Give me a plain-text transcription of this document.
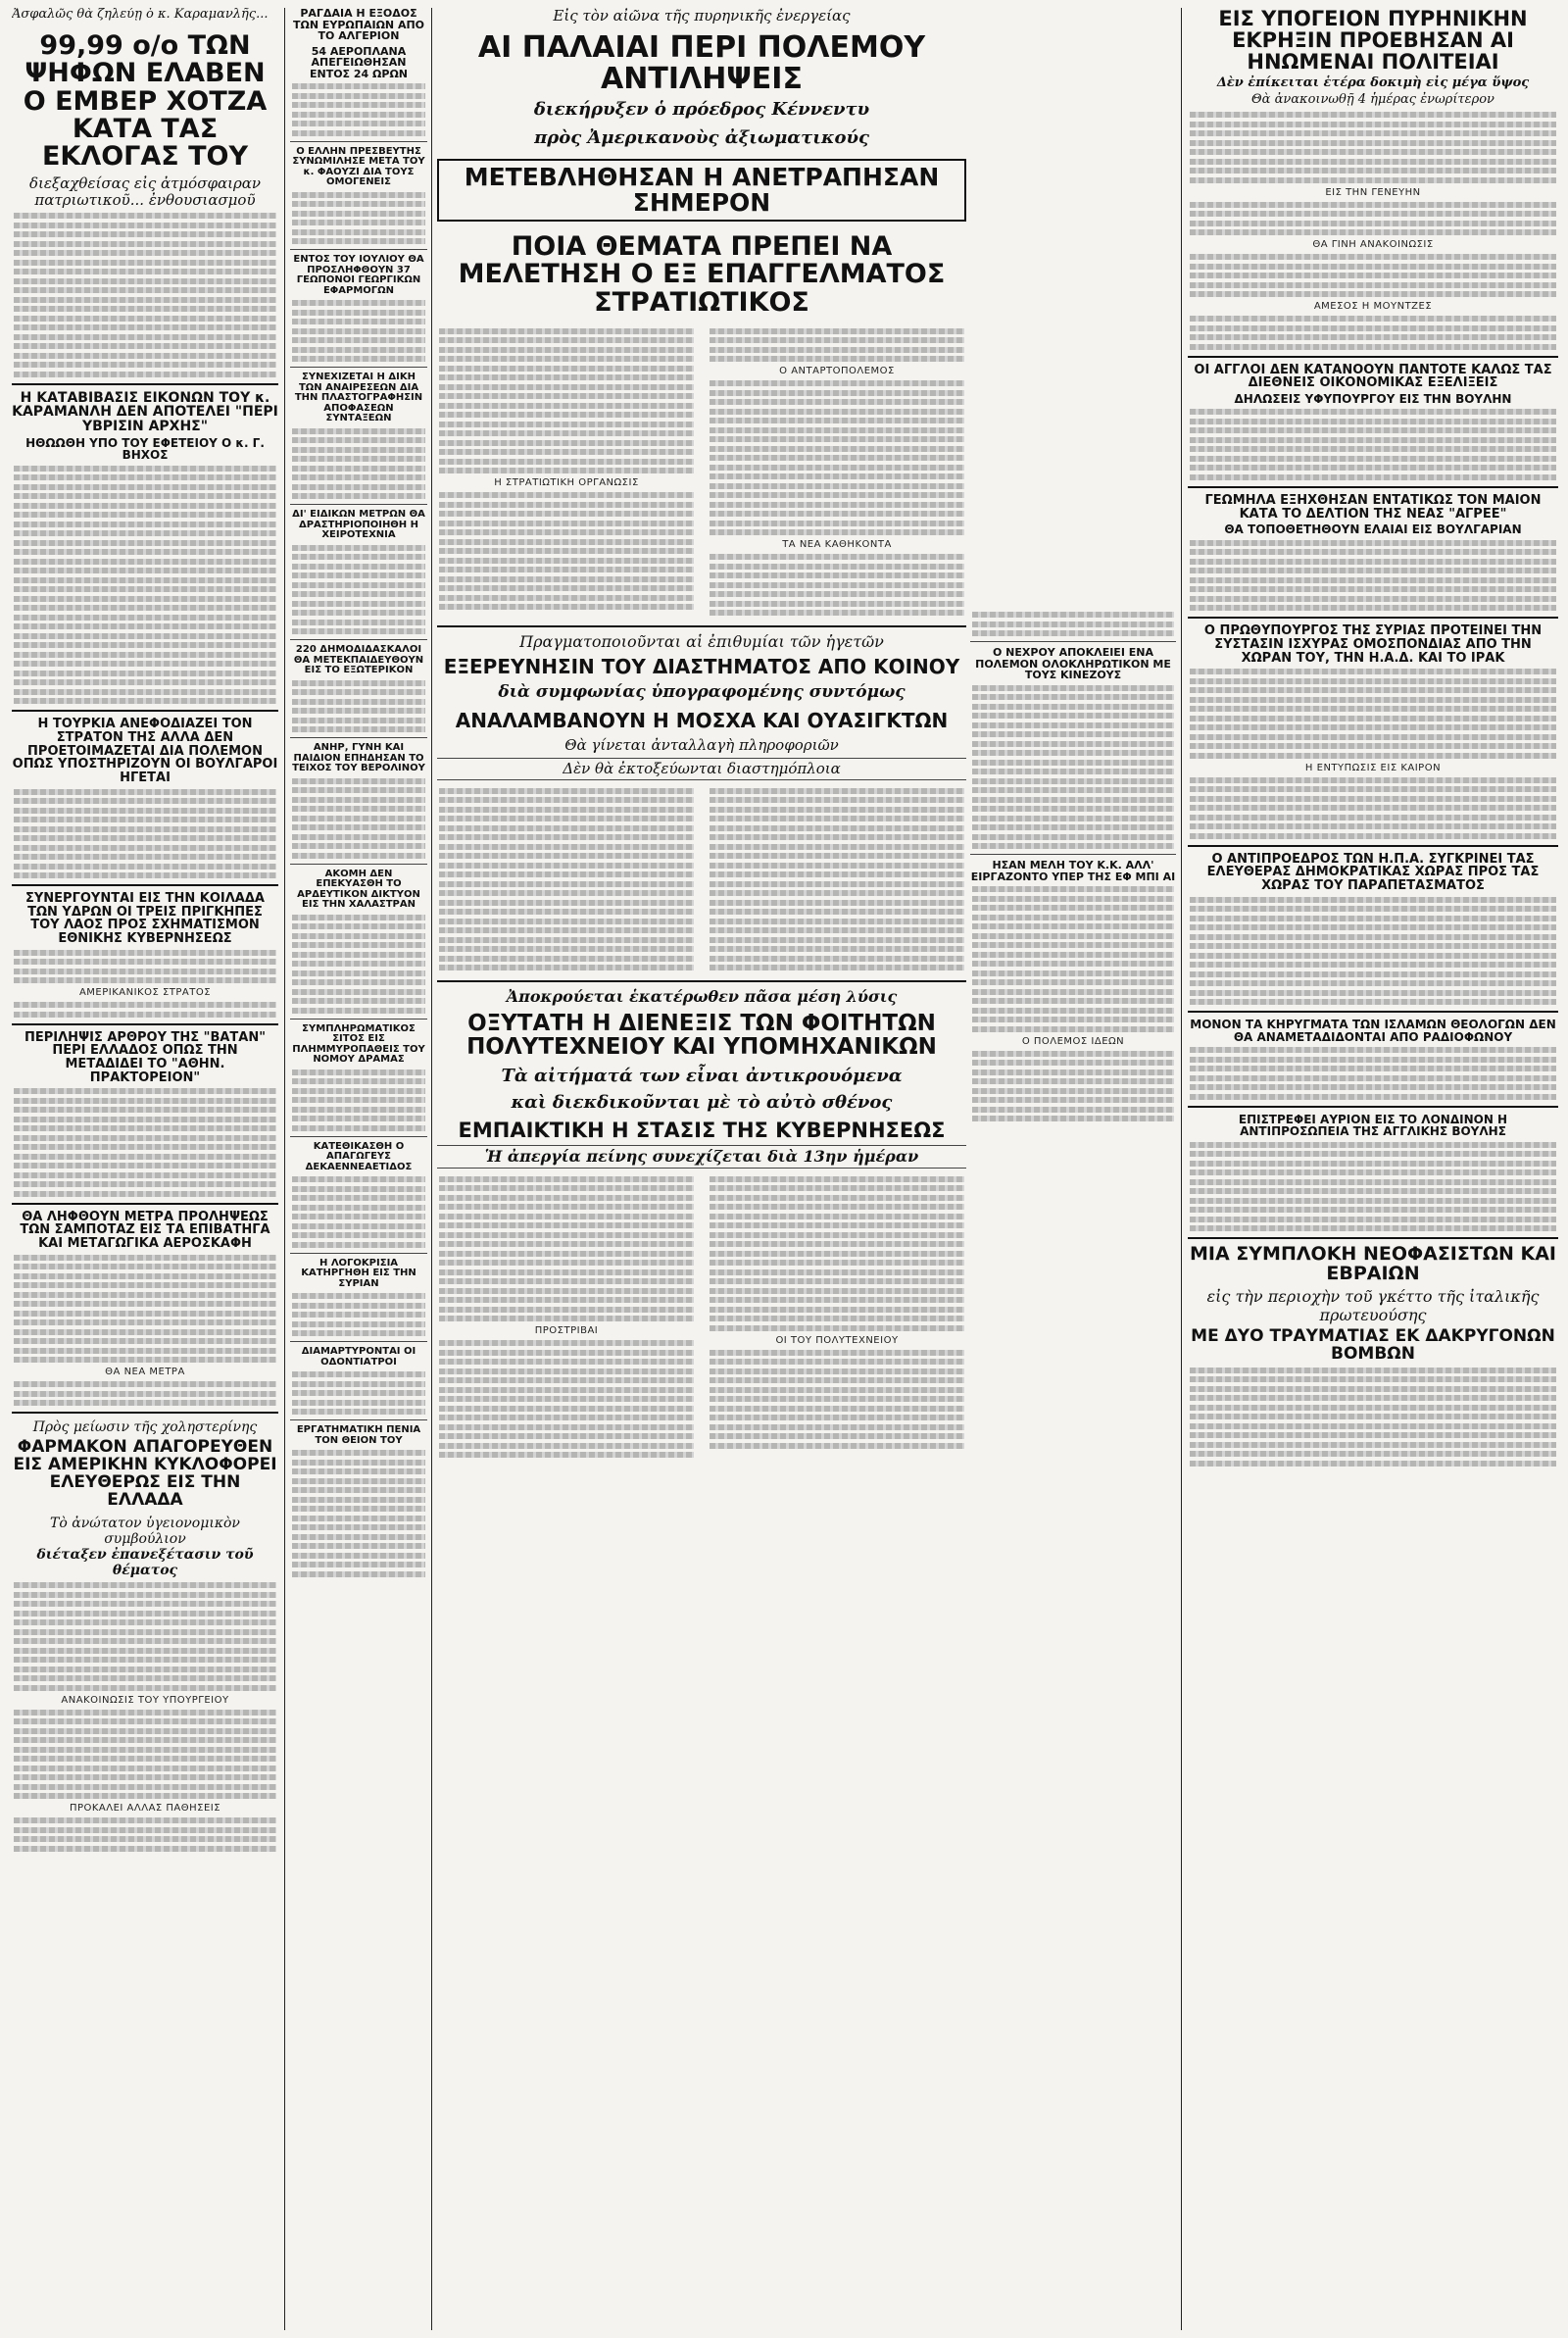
Ἀσφαλῶς θὰ ζηλεύῃ ὁ κ. Καραμανλῆς...
99,99 ο/ο ΤΩΝ ΨΗΦΩΝ ΕΛΑΒΕΝ Ο ΕΜΒΕΡ ΧΟΤΖΑ ΚΑΤΑ ΤΑΣ ΕΚΛΟΓΑΣ ΤΟΥ
διεξαχθείσας εἰς ἀτμόσφαιραν πατριωτικοῦ... ἐνθουσιασμοῦ
Η ΚΑΤΑΒΙΒΑΣΙΣ ΕΙΚΟΝΩΝ ΤΟΥ κ. ΚΑΡΑΜΑΝΛΗ ΔΕΝ ΑΠΟΤΕΛΕΙ "ΠΕΡΙ ΥΒΡΙΣΙΝ ΑΡΧΗΣ"
ΗΘΩΩΘΗ ΥΠΟ ΤΟΥ ΕΦΕΤΕΙΟΥ Ο κ. Γ. ΒΗΧΟΣ
Η ΤΟΥΡΚΙΑ ΑΝΕΦΟΔΙΑΖΕΙ ΤΟΝ ΣΤΡΑΤΟΝ ΤΗΣ ΑΛΛΑ ΔΕΝ ΠΡΟΕΤΟΙΜΑΖΕΤΑΙ ΔΙΑ ΠΟΛΕΜΟΝ ΟΠΩΣ ΥΠΟΣΤΗΡΙΖΟΥΝ ΟΙ ΒΟΥΛΓΑΡΟΙ ΗΓΕΤΑΙ
ΣΥΝΕΡΓΟΥΝΤΑΙ ΕΙΣ ΤΗΝ ΚΟΙΛΑΔΑ ΤΩΝ ΥΔΡΩΝ ΟΙ ΤΡΕΙΣ ΠΡΙΓΚΗΠΕΣ ΤΟΥ ΛΑΟΣ ΠΡΟΣ ΣΧΗΜΑΤΙΣΜΟΝ ΕΘΝΙΚΗΣ ΚΥΒΕΡΝΗΣΕΩΣ
ΑΜΕΡΙΚΑΝΙΚΟΣ ΣΤΡΑΤΟΣ
ΠΕΡΙΛΗΨΙΣ ΑΡΘΡΟΥ ΤΗΣ "ΒΑΤΑΝ" ΠΕΡΙ ΕΛΛΑΔΟΣ ΟΠΩΣ ΤΗΝ ΜΕΤΑΔΙΔΕΙ ΤΟ "ΑΘΗΝ. ΠΡΑΚΤΟΡΕΙΟΝ"
ΘΑ ΛΗΦΘΟΥΝ ΜΕΤΡΑ ΠΡΟΛΗΨΕΩΣ ΤΩΝ ΣΑΜΠΟΤΑΖ ΕΙΣ ΤΑ ΕΠΙΒΑΤΗΓΑ ΚΑΙ ΜΕΤΑΓΩΓΙΚΑ ΑΕΡΟΣΚΑΦΗ
ΘΑ ΝΕΑ ΜΕΤΡΑ
Πρὸς μείωσιν τῆς χοληστερίνης
ΦΑΡΜΑΚΟΝ ΑΠΑΓΟΡΕΥΘΕΝ ΕΙΣ ΑΜΕΡΙΚΗΝ ΚΥΚΛΟΦΟΡΕΙ ΕΛΕΥΘΕΡΩΣ ΕΙΣ ΤΗΝ ΕΛΛΑΔΑ
Τὸ ἀνώτατον ὑγειονομικὸν συμβούλιον
διέταξεν ἐπανεξέτασιν τοῦ θέματος
ΑΝΑΚΟΙΝΩΣΙΣ ΤΟΥ ΥΠΟΥΡΓΕΙΟΥ
ΠΡΟΚΑΛΕΙ ΑΛΛΑΣ ΠΑΘΗΣΕΙΣ
ΡΑΓΔΑΙΑ Η ΕΞΟΔΟΣ ΤΩΝ ΕΥΡΩΠΑΙΩΝ ΑΠΟ ΤΟ ΑΛΓΕΡΙΟΝ
54 ΑΕΡΟΠΛΑΝΑ ΑΠΕΓΕΙΩΘΗΣΑΝ ΕΝΤΟΣ 24 ΩΡΩΝ
Ο ΕΛΛΗΝ ΠΡΕΣΒΕΥΤΗΣ ΣΥΝΩΜΙΛΗΣΕ ΜΕΤΑ ΤΟΥ κ. ΦΑΟΥΖΙ ΔΙΑ ΤΟΥΣ ΟΜΟΓΕΝΕΙΣ
ΕΝΤΟΣ ΤΟΥ ΙΟΥΛΙΟΥ ΘΑ ΠΡΟΣΛΗΦΘΟΥΝ 37 ΓΕΩΠΟΝΟΙ ΓΕΩΡΓΙΚΩΝ ΕΦΑΡΜΟΓΩΝ
ΣΥΝΕΧΙΖΕΤΑΙ Η ΔΙΚΗ ΤΩΝ ΑΝΑΙΡΕΣΕΩΝ ΔΙΑ ΤΗΝ ΠΛΑΣΤΟΓΡΑΦΗΣΙΝ ΑΠΟΦΑΣΕΩΝ ΣΥΝΤΑΞΕΩΝ
ΔΙ' ΕΙΔΙΚΩΝ ΜΕΤΡΩΝ ΘΑ ΔΡΑΣΤΗΡΙΟΠΟΙΗΘΗ Η ΧΕΙΡΟΤΕΧΝΙΑ
220 ΔΗΜΟΔΙΔΑΣΚΑΛΟΙ ΘΑ ΜΕΤΕΚΠΑΙΔΕΥΘΟΥΝ ΕΙΣ ΤΟ ΕΞΩΤΕΡΙΚΟΝ
ΑΝΗΡ, ΓΥΝΗ ΚΑΙ ΠΑΙΔΙΟΝ ΕΠΗΔΗΣΑΝ ΤΟ ΤΕΙΧΟΣ ΤΟΥ ΒΕΡΟΛΙΝΟΥ
ΑΚΟΜΗ ΔΕΝ ΕΠΕΚΥΑΣΘΗ ΤΟ ΑΡΔΕΥΤΙΚΟΝ ΔΙΚΤΥΟΝ ΕΙΣ ΤΗΝ ΧΑΛΑΣΤΡΑΝ
ΣΥΜΠΛΗΡΩΜΑΤΙΚΟΣ ΣΙΤΟΣ ΕΙΣ ΠΛΗΜΜΥΡΟΠΑΘΕΙΣ ΤΟΥ ΝΟΜΟΥ ΔΡΑΜΑΣ
ΚΑΤΕΘΙΚΑΣΘΗ Ο ΑΠΑΓΩΓΕΥΣ ΔΕΚΑΕΝΝΕΑΕΤΙΔΟΣ
Η ΛΟΓΟΚΡΙΣΙΑ ΚΑΤΗΡΓΗΘΗ ΕΙΣ ΤΗΝ ΣΥΡΙΑΝ
ΔΙΑΜΑΡΤΥΡΟΝΤΑΙ ΟΙ ΟΔΟΝΤΙΑΤΡΟΙ
ΕΡΓΑΤΗΜΑΤΙΚΗ ΠΕΝΙΑ ΤΟΝ ΘΕΙΟΝ ΤΟΥ
Εἰς τὸν αἰῶνα τῆς πυρηνικῆς ἐνεργείας
ΑΙ ΠΑΛΑΙΑΙ ΠΕΡΙ ΠΟΛΕΜΟΥ ΑΝΤΙΛΗΨΕΙΣ
διεκήρυξεν ὁ πρόεδρος Κέννεντυ
πρὸς Ἀμερικανοὺς ἀξιωματικούς
ΜΕΤΕΒΛΗΘΗΣΑΝ Η ΑΝΕΤΡΑΠΗΣΑΝ ΣΗΜΕΡΟΝ
ΠΟΙΑ ΘΕΜΑΤΑ ΠΡΕΠΕΙ ΝΑ ΜΕΛΕΤΗΣΗ Ο ΕΞ ΕΠΑΓΓΕΛΜΑΤΟΣ ΣΤΡΑΤΙΩΤΙΚΟΣ
Η ΣΤΡΑΤΙΩΤΙΚΗ ΟΡΓΑΝΩΣΙΣ
Ο ΑΝΤΑΡΤΟΠΟΛΕΜΟΣ
ΤΑ ΝΕΑ ΚΑΘΗΚΟΝΤΑ
Πραγματοποιοῦνται αἱ ἐπιθυμίαι τῶν ἡγετῶν
ΕΞΕΡΕΥΝΗΣΙΝ ΤΟΥ ΔΙΑΣΤΗΜΑΤΟΣ ΑΠΟ ΚΟΙΝΟΥ
διὰ συμφωνίας ὑπογραφομένης συντόμως
ΑΝΑΛΑΜΒΑΝΟΥΝ Η ΜΟΣΧΑ ΚΑΙ ΟΥΑΣΙΓΚΤΩΝ
Θὰ γίνεται ἀνταλλαγὴ πληροφοριῶν
Δὲν θὰ ἐκτοξεύωνται διαστημόπλοια
Ἀποκρούεται ἑκατέρωθεν πᾶσα μέση λύσις
ΟΞΥΤΑΤΗ Η ΔΙΕΝΕΞΙΣ ΤΩΝ ΦΟΙΤΗΤΩΝ ΠΟΛΥΤΕΧΝΕΙΟΥ ΚΑΙ ΥΠΟΜΗΧΑΝΙΚΩΝ
Τὰ αἰτήματά των εἶναι ἀντικρουόμενα
καὶ διεκδικοῦνται μὲ τὸ αὐτὸ σθένος
ΕΜΠΑΙΚΤΙΚΗ Η ΣΤΑΣΙΣ ΤΗΣ ΚΥΒΕΡΝΗΣΕΩΣ
Ἡ ἀπεργία πείνης συνεχίζεται διὰ 13ην ἡμέραν
ΠΡΟΣΤΡΙΒΑΙ
ΟΙ ΤΟΥ ΠΟΛΥΤΕΧΝΕΙΟΥ
Ο ΝΕΧΡΟΥ ΑΠΟΚΛΕΙΕΙ ΕΝΑ ΠΟΛΕΜΟΝ ΟΛΟΚΛΗΡΩΤΙΚΟΝ ΜΕ ΤΟΥΣ ΚΙΝΕΖΟΥΣ
ΗΣΑΝ ΜΕΛΗ ΤΟΥ Κ.Κ. ΑΛΛ' ΕΙΡΓΑΖΟΝΤΟ ΥΠΕΡ ΤΗΣ ΕΦ ΜΠΙ ΑΙ
Ο ΠΟΛΕΜΟΣ ΙΔΕΩΝ
ΕΙΣ ΥΠΟΓΕΙΟΝ ΠΥΡΗΝΙΚΗΝ ΕΚΡΗΞΙΝ ΠΡΟΕΒΗΣΑΝ ΑΙ ΗΝΩΜΕΝΑΙ ΠΟΛΙΤΕΙΑΙ
Δὲν ἐπίκειται ἑτέρα δοκιμὴ εἰς μέγα ὕψος
Θὰ ἀνακοινωθῇ 4 ἡμέρας ἐνωρίτερον
ΕΙΣ ΤΗΝ ΓΕΝΕΥΗΝ
ΘΑ ΓΙΝΗ ΑΝΑΚΟΙΝΩΣΙΣ
ΑΜΕΣΟΣ Η ΜΟΥΝΤΖΕΣ
ΟΙ ΑΓΓΛΟΙ ΔΕΝ ΚΑΤΑΝΟΟΥΝ ΠΑΝΤΟΤΕ ΚΑΛΩΣ ΤΑΣ ΔΙΕΘΝΕΙΣ ΟΙΚΟΝΟΜΙΚΑΣ ΕΞΕΛΙΞΕΙΣ
ΔΗΛΩΣΕΙΣ ΥΦΥΠΟΥΡΓΟΥ ΕΙΣ ΤΗΝ ΒΟΥΛΗΝ
ΓΕΩΜΗΛΑ ΕΞΗΧΘΗΣΑΝ ΕΝΤΑΤΙΚΩΣ ΤΟΝ ΜΑΙΟΝ ΚΑΤΑ ΤΟ ΔΕΛΤΙΟΝ ΤΗΣ ΝΕΑΣ "ΑΓΡΕΕ"
ΘΑ ΤΟΠΟΘΕΤΗΘΟΥΝ ΕΛΑΙΑΙ ΕΙΣ ΒΟΥΛΓΑΡΙΑΝ
Ο ΠΡΩΘΥΠΟΥΡΓΟΣ ΤΗΣ ΣΥΡΙΑΣ ΠΡΟΤΕΙΝΕΙ ΤΗΝ ΣΥΣΤΑΣΙΝ ΙΣΧΥΡΑΣ ΟΜΟΣΠΟΝΔΙΑΣ ΑΠΟ ΤΗΝ ΧΩΡΑΝ ΤΟΥ, ΤΗΝ Η.Α.Δ. ΚΑΙ ΤΟ ΙΡΑΚ
Η ΕΝΤΥΠΩΣΙΣ ΕΙΣ ΚΑΙΡΟΝ
Ο ΑΝΤΙΠΡΟΕΔΡΟΣ ΤΩΝ Η.Π.Α. ΣΥΓΚΡΙΝΕΙ ΤΑΣ ΕΛΕΥΘΕΡΑΣ ΔΗΜΟΚΡΑΤΙΚΑΣ ΧΩΡΑΣ ΠΡΟΣ ΤΑΣ ΧΩΡΑΣ ΤΟΥ ΠΑΡΑΠΕΤΑΣΜΑΤΟΣ
ΜΟΝΟΝ ΤΑ ΚΗΡΥΓΜΑΤΑ ΤΩΝ ΙΣΛΑΜΩΝ ΘΕΟΛΟΓΩΝ ΔΕΝ ΘΑ ΑΝΑΜΕΤΑΔΙΔΟΝΤΑΙ ΑΠΟ ΡΑΔΙΟΦΩΝΟΥ
ΕΠΙΣΤΡΕΦΕΙ ΑΥΡΙΟΝ ΕΙΣ ΤΟ ΛΟΝΔΙΝΟΝ Η ΑΝΤΙΠΡΟΣΩΠΕΙΑ ΤΗΣ ΑΓΓΛΙΚΗΣ ΒΟΥΛΗΣ
ΜΙΑ ΣΥΜΠΛΟΚΗ ΝΕΟΦΑΣΙΣΤΩΝ ΚΑΙ ΕΒΡΑΙΩΝ
εἰς τὴν περιοχὴν τοῦ γκέττο τῆς ἰταλικῆς πρωτευούσης
ΜΕ ΔΥΟ ΤΡΑΥΜΑΤΙΑΣ ΕΚ ΔΑΚΡΥΓΟΝΩΝ ΒΟΜΒΩΝ
